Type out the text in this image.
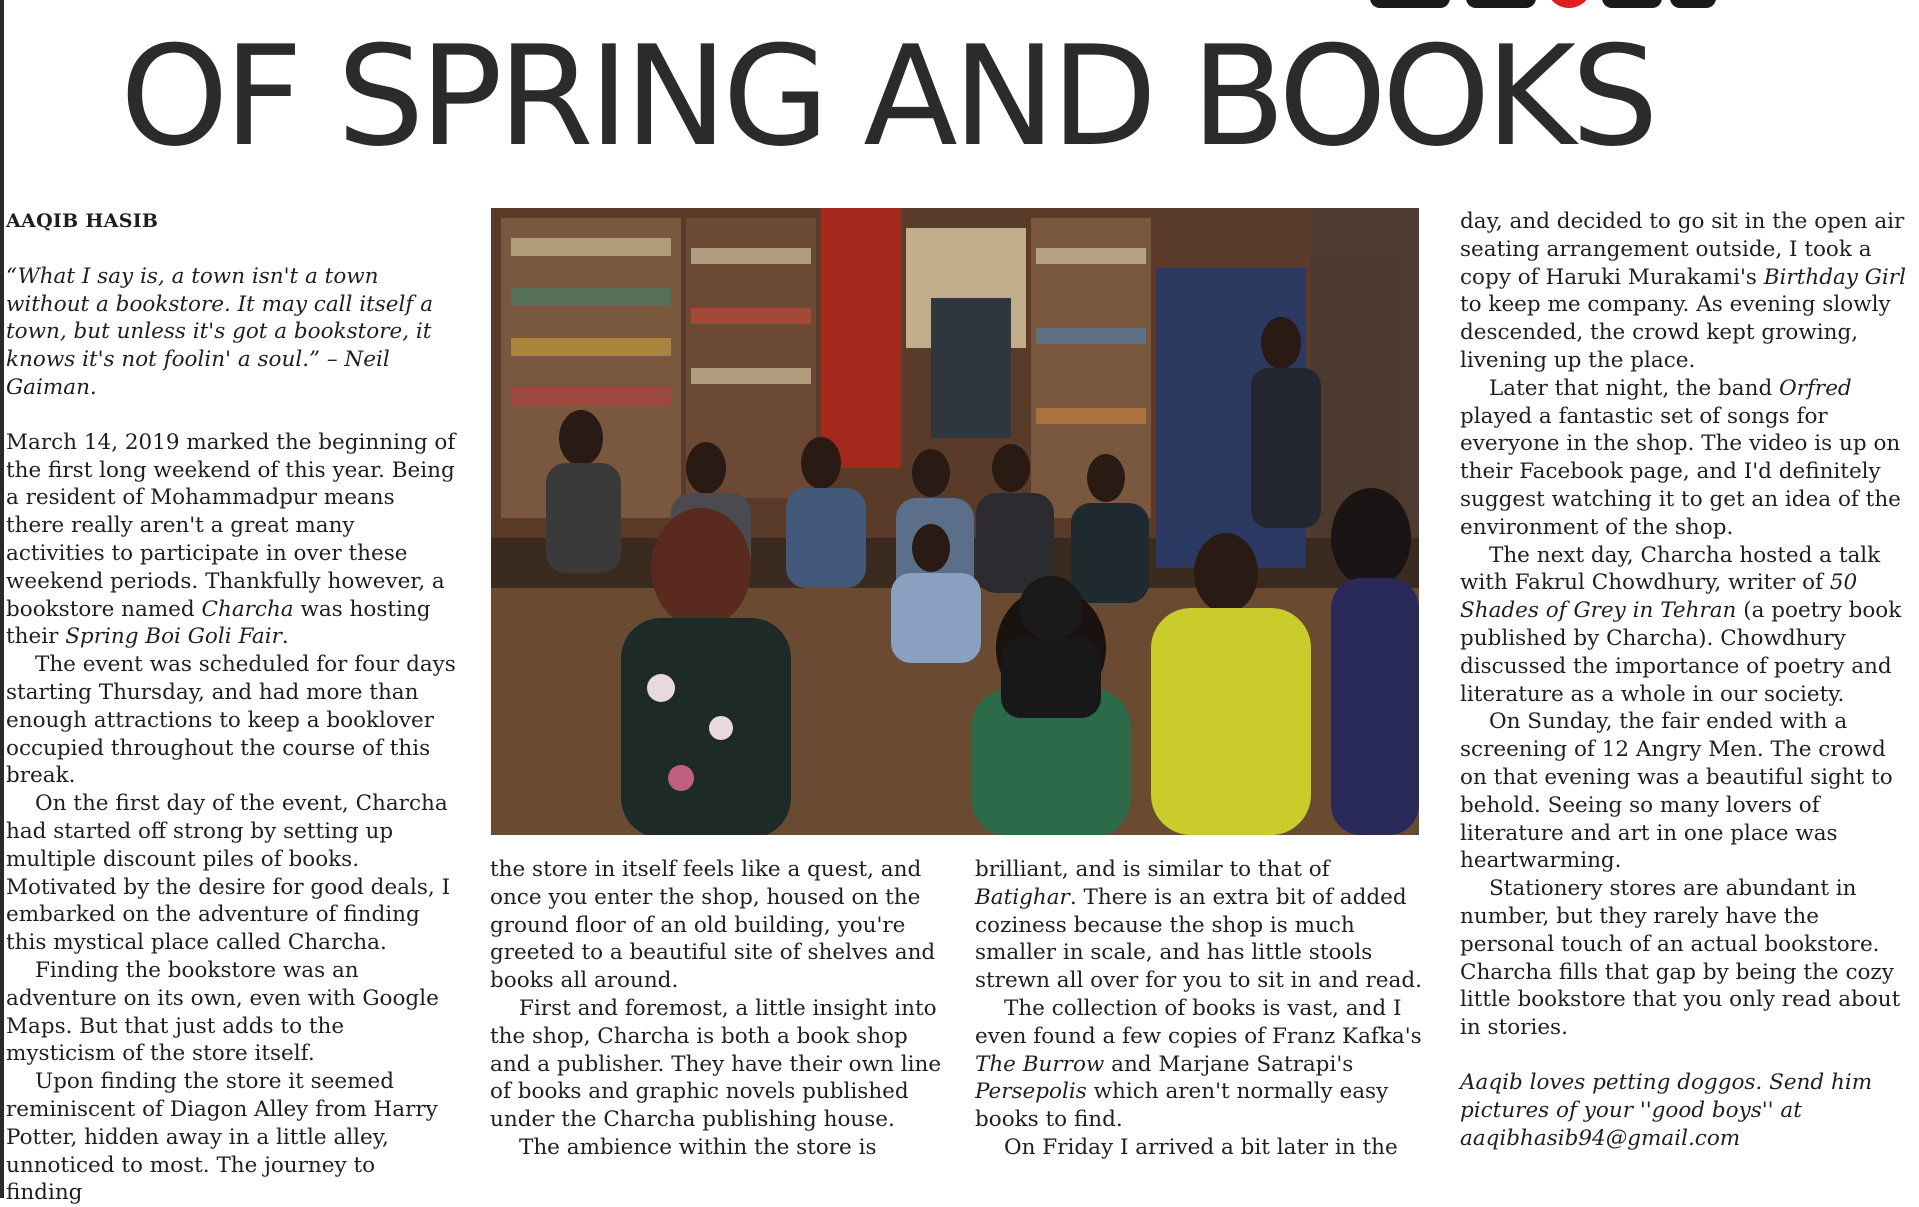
OF SPRING AND BOOKS

AAQIB HASIB

“What I say is, a town isn't a town without a bookstore. It may call itself a town, but unless it's got a bookstore, it knows it's not foolin' a soul.” – Neil Gaiman.

March 14, 2019 marked the beginning of the first long weekend of this year. Being a resident of Mohammadpur means there really aren't a great many activities to participate in over these weekend periods. Thankfully however, a bookstore named Charcha was hosting their Spring Boi Goli Fair.

The event was scheduled for four days starting Thursday, and had more than enough attractions to keep a booklover occupied throughout the course of this break.

On the first day of the event, Charcha had started off strong by setting up multiple discount piles of books. Motivated by the desire for good deals, I embarked on the adventure of finding this mystical place called Charcha.

Finding the bookstore was an adventure on its own, even with Google Maps. But that just adds to the mysticism of the store itself.

Upon finding the store it seemed reminiscent of Diagon Alley from Harry Potter, hidden away in a little alley, unnoticed to most. The journey to finding

the store in itself feels like a quest, and once you enter the shop, housed on the ground floor of an old building, you're greeted to a beautiful site of shelves and books all around.

First and foremost, a little insight into the shop, Charcha is both a book shop and a publisher. They have their own line of books and graphic novels published under the Charcha publishing house.

The ambience within the store is

brilliant, and is similar to that of Batighar. There is an extra bit of added coziness because the shop is much smaller in scale, and has little stools strewn all over for you to sit in and read.

The collection of books is vast, and I even found a few copies of Franz Kafka's The Burrow and Marjane Satrapi's Persepolis which aren't normally easy books to find.

On Friday I arrived a bit later in the

day, and decided to go sit in the open air seating arrangement outside, I took a copy of Haruki Murakami's Birthday Girl to keep me company. As evening slowly descended, the crowd kept growing, livening up the place.

Later that night, the band Orfred played a fantastic set of songs for everyone in the shop. The video is up on their Facebook page, and I'd definitely suggest watching it to get an idea of the environment of the shop.

The next day, Charcha hosted a talk with Fakrul Chowdhury, writer of 50 Shades of Grey in Tehran (a poetry book published by Charcha). Chowdhury discussed the importance of poetry and literature as a whole in our society.

On Sunday, the fair ended with a screening of 12 Angry Men. The crowd on that evening was a beautiful sight to behold. Seeing so many lovers of literature and art in one place was heartwarming.

Stationery stores are abundant in number, but they rarely have the personal touch of an actual bookstore. Charcha fills that gap by being the cozy little bookstore that you only read about in stories.

Aaqib loves petting doggos. Send him pictures of your ''good boys'' at aaqibhasib94@gmail.com
